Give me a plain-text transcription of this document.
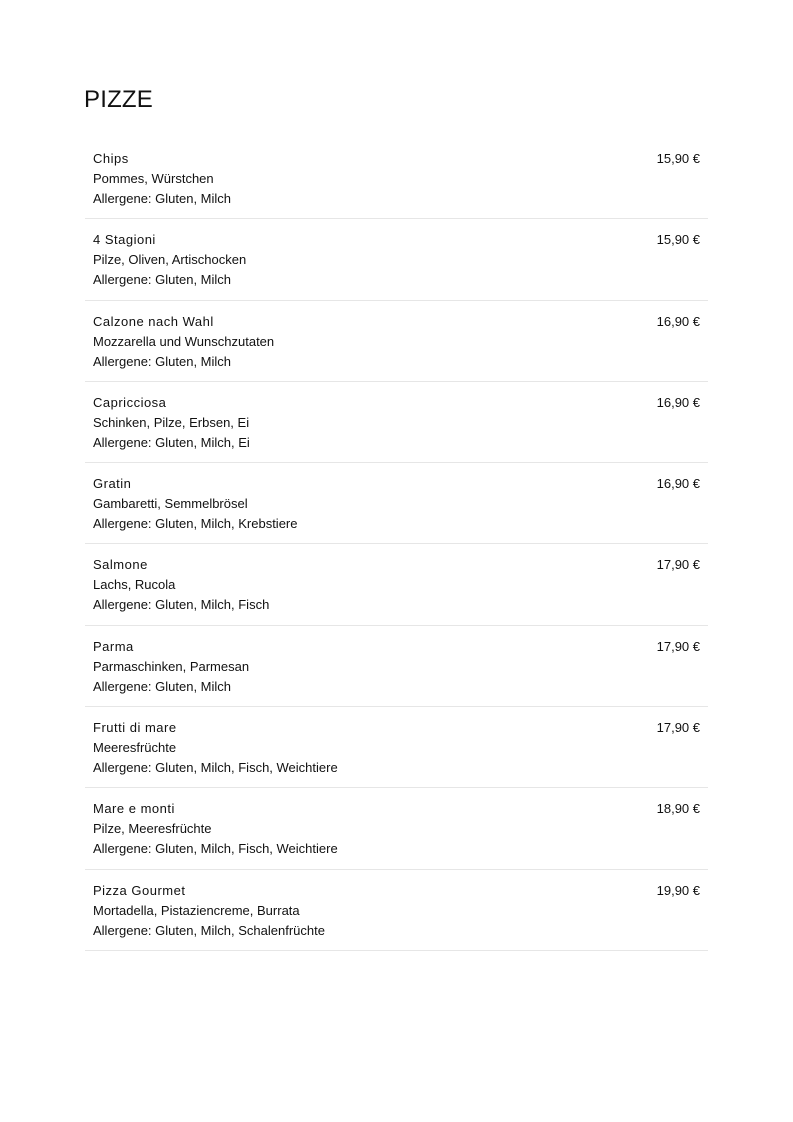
PIZZE
Chips
Pommes, Würstchen
Allergene: Gluten, Milch
15,90 €
4 Stagioni
Pilze, Oliven, Artischocken
Allergene: Gluten, Milch
15,90 €
Calzone nach Wahl
Mozzarella und Wunschzutaten
Allergene: Gluten, Milch
16,90 €
Capricciosa
Schinken, Pilze, Erbsen, Ei
Allergene: Gluten, Milch, Ei
16,90 €
Gratin
Gambaretti, Semmelbrösel
Allergene: Gluten, Milch, Krebstiere
16,90 €
Salmone
Lachs, Rucola
Allergene: Gluten, Milch, Fisch
17,90 €
Parma
Parmaschinken, Parmesan
Allergene: Gluten, Milch
17,90 €
Frutti di mare
Meeresfrüchte
Allergene: Gluten, Milch, Fisch, Weichtiere
17,90 €
Mare e monti
Pilze, Meeresfrüchte
Allergene: Gluten, Milch, Fisch, Weichtiere
18,90 €
Pizza Gourmet
Mortadella, Pistaziencreme, Burrata
Allergene: Gluten, Milch, Schalenfrüchte
19,90 €
